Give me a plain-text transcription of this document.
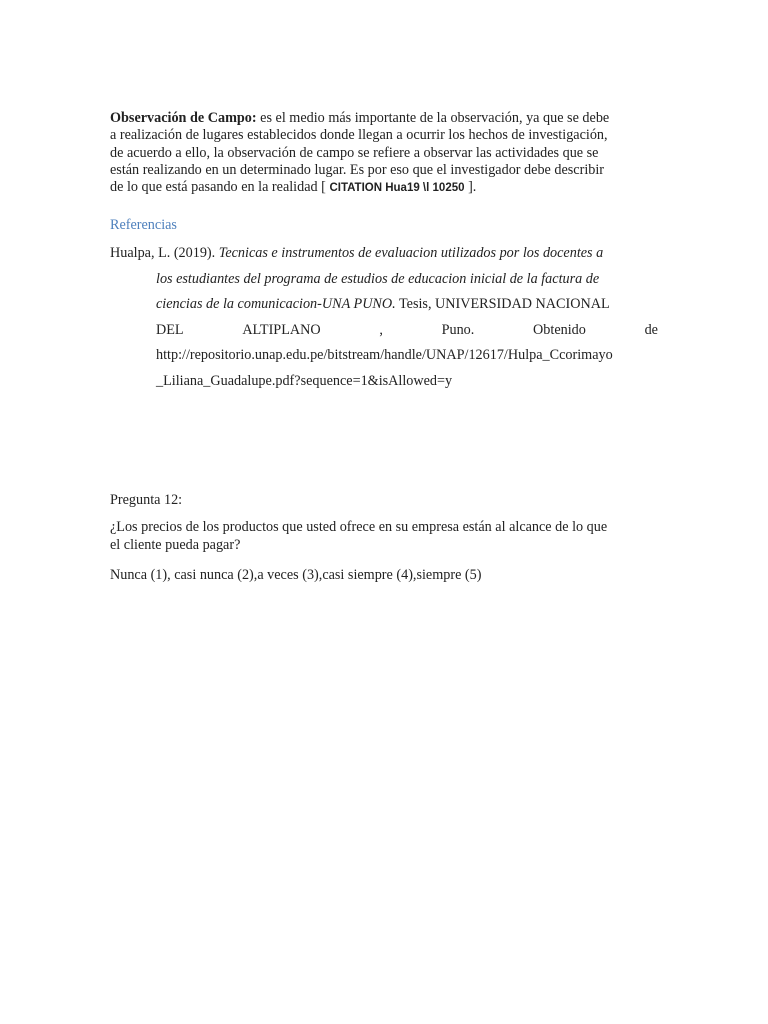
Observación de Campo: es el medio más importante de la observación, ya que se debe
a realización de lugares establecidos donde llegan a ocurrir los hechos de investigación,
de acuerdo a ello, la observación de campo se refiere a observar las actividades que se
están realizando en un determinado lugar. Es por eso que el investigador debe describir
de lo que está pasando en la realidad [ CITATION Hua19 \l 10250 ].
Referencias
Hualpa, L. (2019). Tecnicas e instrumentos de evaluacion utilizados por los docentes a
los estudiantes del programa de estudios de educacion inicial de la factura de
ciencias de la comunicacion-UNA PUNO. Tesis, UNIVERSIDAD NACIONAL
DEL	ALTIPLANO	,	Puno.	Obtenido	de
http://repositorio.unap.edu.pe/bitstream/handle/UNAP/12617/Hulpa_Ccorimayo
_Liliana_Guadalupe.pdf?sequence=1&isAllowed=y
Pregunta 12:
¿Los precios de los productos que usted ofrece en su empresa están al alcance de lo que
el cliente pueda pagar?
Nunca (1), casi nunca (2),a veces (3),casi siempre (4),siempre (5)
